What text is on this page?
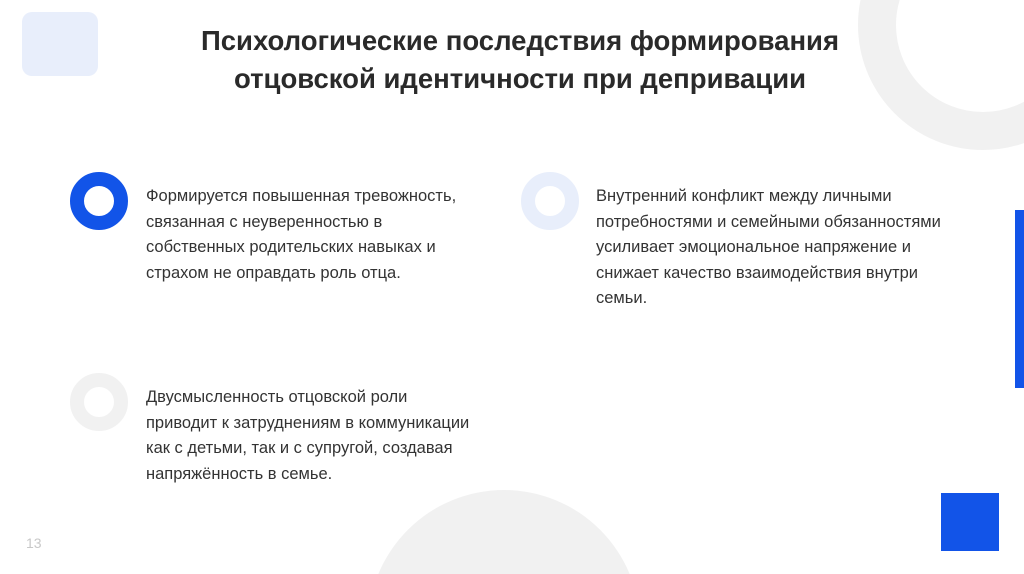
Психологические последствия формирования
отцовской идентичности при депривации

Формируется повышенная тревожность, связанная с неуверенностью в собственных родительских навыках и страхом не оправдать роль отца.

Внутренний конфликт между личными потребностями и семейными обязанностями усиливает эмоциональное напряжение и снижает качество взаимодействия внутри семьи.

Двусмысленность отцовской роли приводит к затруднениям в коммуникации как с детьми, так и с супругой, создавая напряжённость в семье.

13
